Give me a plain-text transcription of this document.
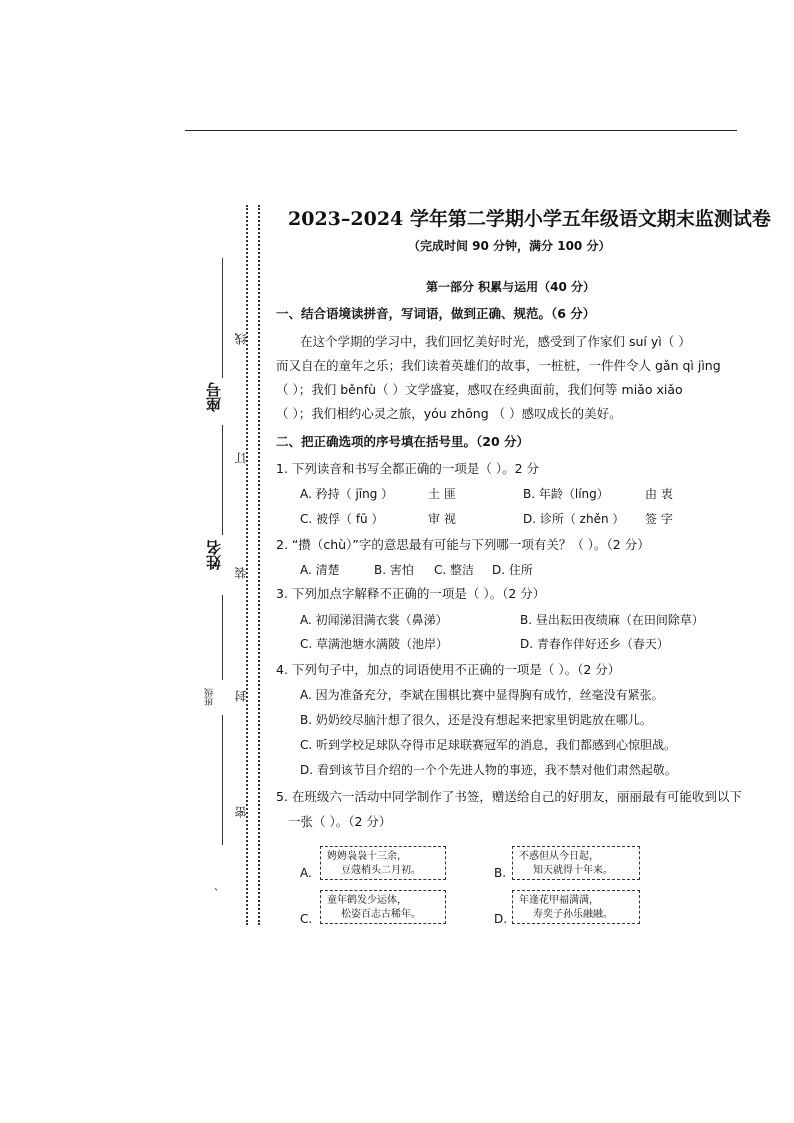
线
订
装
封
密
座号
姓名
班级
、
2023–2024 学年第二学期小学五年级语文期末监测试卷
（完成时间 90 分钟，满分 100 分）
第一部分 积累与运用（40 分）
一、结合语境读拼音，写词语，做到正确、规范。（6 分）
在这个学期的学习中，我们回忆美好时光，感受到了作家们 suí yì（ ）
而又自在的童年之乐；我们读着英雄们的故事，一桩桩，一件件令人 gǎn qì jìng
（ ）；我们 běnfù（ ）文学盛宴，感叹在经典面前，我们何等 miǎo xiǎo
（ ）；我们相约心灵之旅，yóu zhōng （ ）感叹成长的美好。
二、把正确选项的序号填在括号里。（20 分）
1. 下列读音和书写全都正确的一项是（ ）。2 分
A. 矜持（ jīng ）	土 匪	B. 年龄（líng）	由 衷
C. 被俘（ fū ）	审 视	D. 诊所（ zhěn ） 签 字
2. “攒（chù）”字的意思最有可能与下列哪一项有关？（ ）。（2 分）
A. 清楚	B. 害怕 C. 整洁 D. 住所
3. 下列加点字解释不正确的一项是（ ）。（2 分）
A. 初闻涕泪满衣裳（鼻涕）	B. 昼出耘田夜绩麻（在田间除草）
C. 草满池塘水满陂（池岸）	D. 青春作伴好还乡（春天）
4. 下列句子中，加点的词语使用不正确的一项是（ ）。（2 分）
A. 因为准备充分，李斌在围棋比赛中显得胸有成竹，丝毫没有紧张。
B. 奶奶绞尽脑汁想了很久，还是没有想起来把家里钥匙放在哪儿。
C. 听到学校足球队夺得市足球联赛冠军的消息，我们都感到心惊胆战。
D. 看到该节目介绍的一个个先进人物的事迹，我不禁对他们肃然起敬。
5. 在班级六一活动中同学制作了书签，赠送给自己的好朋友，丽丽最有可能收到以下
一张（ ）。（2 分）
A.
娉娉袅袅十三余，
豆蔻梢头二月初。	B.
不惑但从今日起，
知天就得十年来。
C.
童年鹤发少运体，
松姿百志古稀年。	D.
年逢花甲福满满，
寿奕子孙乐融融。
